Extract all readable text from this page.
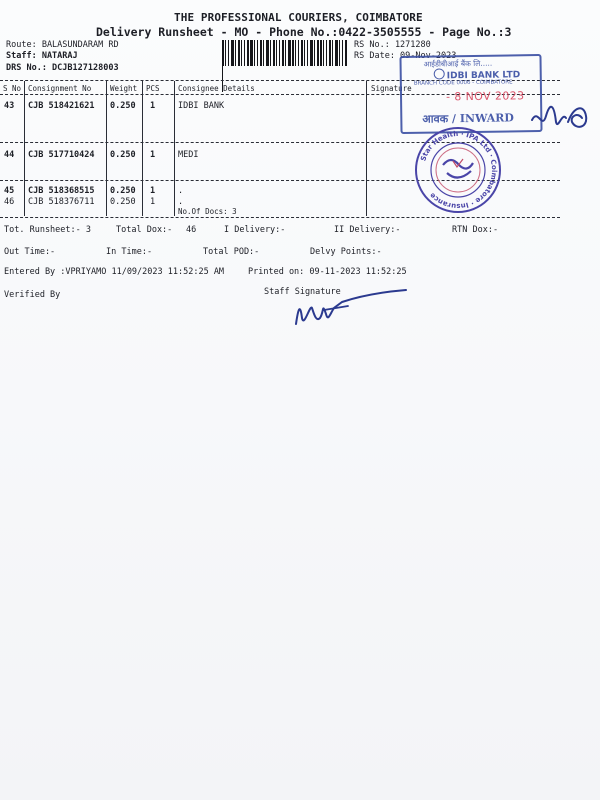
THE PROFESSIONAL COURIERS, COIMBATORE
Delivery Runsheet - MO - Phone No.:0422-3505555 - Page No.:3
Route: BALASUNDARAM RD
Staff: NATARAJ
DRS No.: DCJB127128003
RS No.: 1271280
RS Date: 09-Nov-2023
S No Consignment No	Weight PCS Consignee Details	Signature
43 CJB 518421621 0.250 1	IDBI BANK
44 CJB 517710424 0.250 1	MEDI
45 CJB 518368515 0.250 1	.
46 CJB 518376711 0.250 1	.
No.Of Docs: 3
Tot. Runsheet:- 3	Total Dox:- 46	I Delivery:-	II Delivery:-	RTN Dox:-
Out Time:-	In Time:-	Total POD:-	Delvy Points:-
Entered By :VPRIYAMO 11/09/2023 11:52:25 AM	Printed on: 09-11-2023 11:52:25
Verified By	Staff Signature
आईडीबीआई बैंक लि.....
IDBI BANK LTD
BRANCH CODE 0006 - COIMBATORE
- 8 NOV 2023
आवक / INWARD
Star Health · IPA Ltd · Coimbatore · Insurance
